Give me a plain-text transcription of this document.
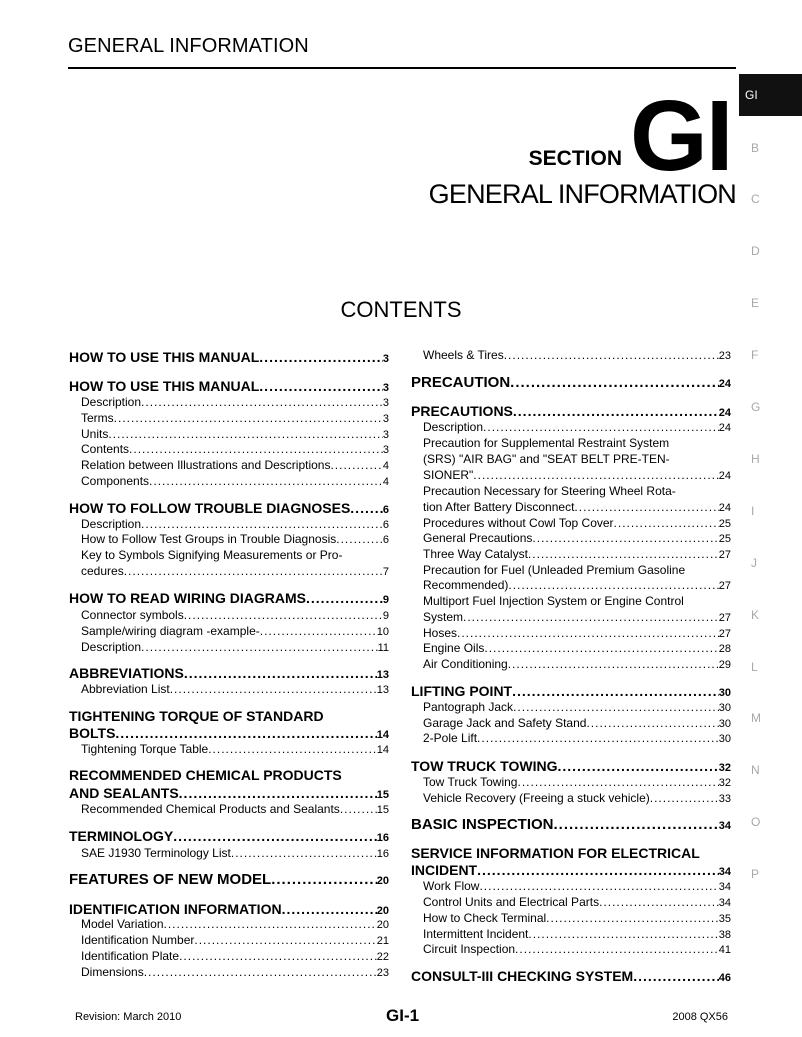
GENERAL INFORMATION
GI
B
C
D
E
F
G
H
I
J
K
L
M
N
O
P
SECTION GI
GENERAL INFORMATION
CONTENTS
HOW TO USE THIS MANUAL .....	3
HOW TO USE THIS MANUAL .....	3
Description .....	3
Terms .....	3
Units .....	3
Contents .....	3
Relation between Illustrations and Descriptions .....	4
Components .....	4
HOW TO FOLLOW TROUBLE DIAGNOSES .....	6
Description .....	6
How to Follow Test Groups in Trouble Diagnosis .....	6
Key to Symbols Signifying Measurements or Pro-
cedures .....	7
HOW TO READ WIRING DIAGRAMS .....	9
Connector symbols .....	9
Sample/wiring diagram -example- .....	10
Description .....	11
ABBREVIATIONS .....	13
Abbreviation List .....	13
TIGHTENING TORQUE OF STANDARD
BOLTS .....	14
Tightening Torque Table .....	14
RECOMMENDED CHEMICAL PRODUCTS
AND SEALANTS .....	15
Recommended Chemical Products and Sealants .....	15
TERMINOLOGY .....	16
SAE J1930 Terminology List .....	16
FEATURES OF NEW MODEL .....	20
IDENTIFICATION INFORMATION .....	20
Model Variation .....	20
Identification Number .....	21
Identification Plate .....	22
Dimensions .....	23
Wheels & Tires .....	23
PRECAUTION .....	24
PRECAUTIONS .....	24
Description .....	24
Precaution for Supplemental Restraint System
(SRS) "AIR BAG" and "SEAT BELT PRE-TEN-
SIONER" .....	24
Precaution Necessary for Steering Wheel Rota-
tion After Battery Disconnect .....	24
Procedures without Cowl Top Cover .....	25
General Precautions .....	25
Three Way Catalyst .....	27
Precaution for Fuel (Unleaded Premium Gasoline
Recommended) .....	27
Multiport Fuel Injection System or Engine Control
System .....	27
Hoses .....	27
Engine Oils .....	28
Air Conditioning .....	29
LIFTING POINT .....	30
Pantograph Jack .....	30
Garage Jack and Safety Stand .....	30
2-Pole Lift .....	30
TOW TRUCK TOWING .....	32
Tow Truck Towing .....	32
Vehicle Recovery (Freeing a stuck vehicle) .....	33
BASIC INSPECTION .....	34
SERVICE INFORMATION FOR ELECTRICAL
INCIDENT .....	34
Work Flow .....	34
Control Units and Electrical Parts .....	34
How to Check Terminal .....	35
Intermittent Incident .....	38
Circuit Inspection .....	41
CONSULT-III CHECKING SYSTEM .....	46
Revision: March 2010	GI-1	2008 QX56
